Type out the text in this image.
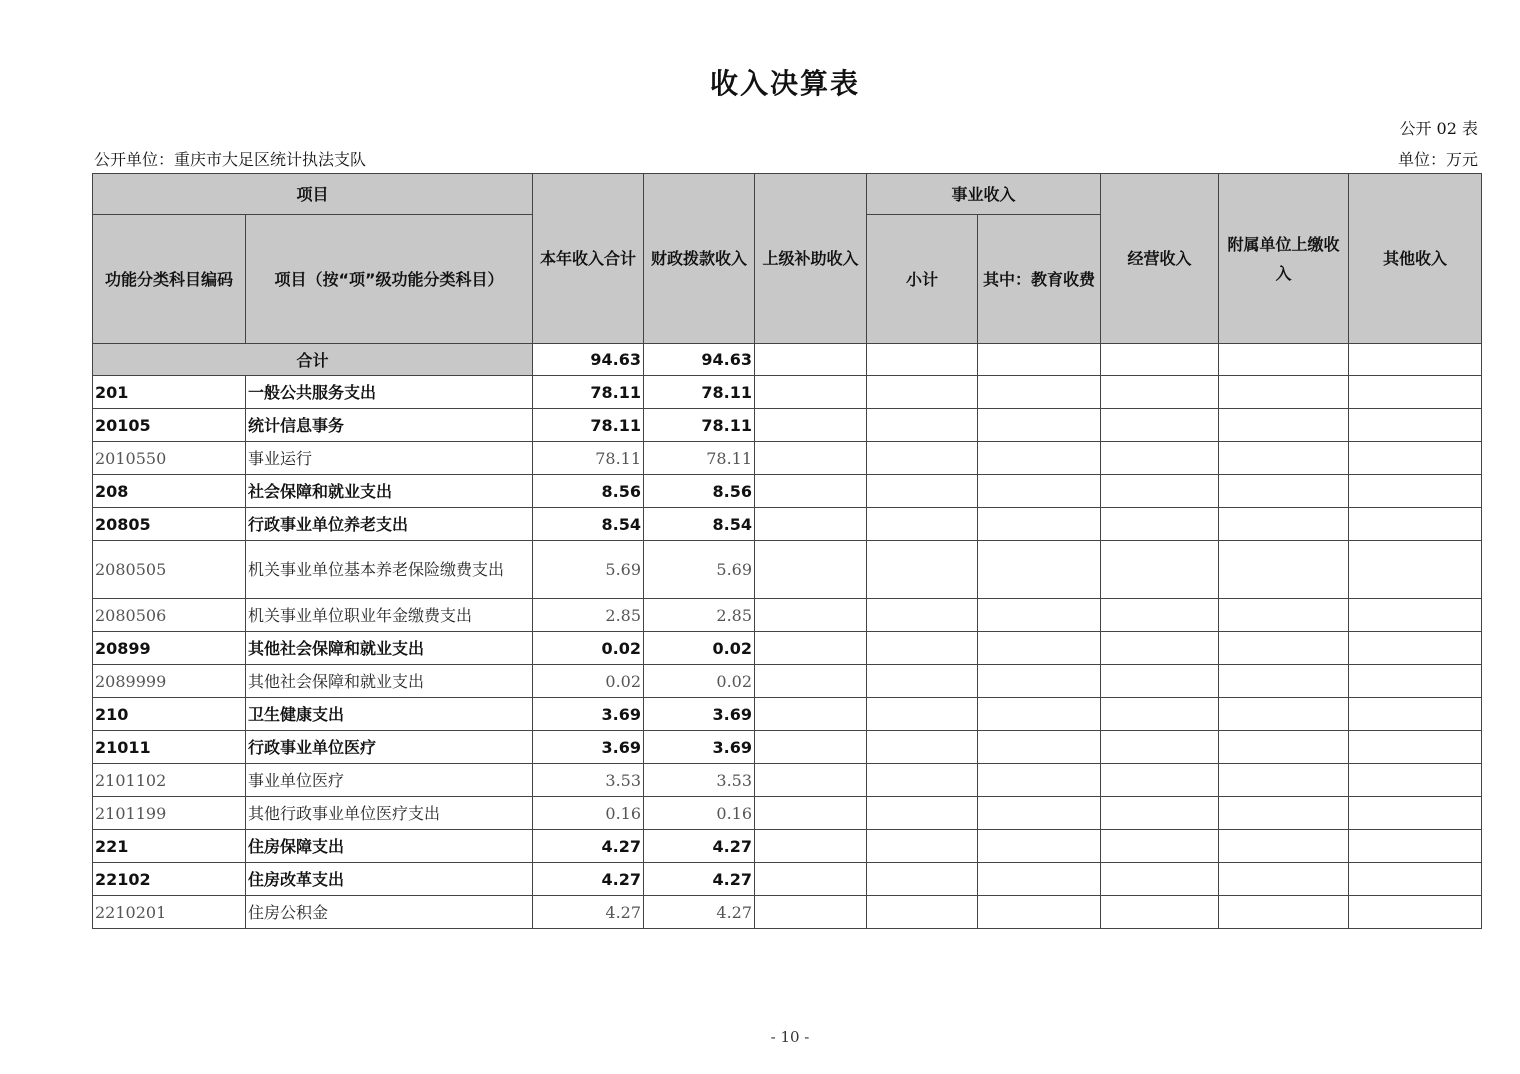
收入决算表
公开 02 表
公开单位：重庆市大足区统计执法支队	单位：万元
项目		本年收入合计	财政拨款收入	上级补助收入	事业收入		经营收入	附属单位上缴收入	其他收入
功能分类科目编码	项目（按“项”级功能分类科目）				小计	其中：教育收费			
合计		94.63	94.63						
201	一般公共服务支出	78.11	78.11						
20105	统计信息事务	78.11	78.11						
2010550	事业运行	78.11	78.11						
208	社会保障和就业支出	8.56	8.56						
20805	行政事业单位养老支出	8.54	8.54						
2080505	机关事业单位基本养老保险缴费支出	5.69	5.69						
2080506	机关事业单位职业年金缴费支出	2.85	2.85						
20899	其他社会保障和就业支出	0.02	0.02						
2089999	其他社会保障和就业支出	0.02	0.02						
210	卫生健康支出	3.69	3.69						
21011	行政事业单位医疗	3.69	3.69						
2101102	事业单位医疗	3.53	3.53						
2101199	其他行政事业单位医疗支出	0.16	0.16						
221	住房保障支出	4.27	4.27						
22102	住房改革支出	4.27	4.27						
2210201	住房公积金	4.27	4.27						
- 10 -
